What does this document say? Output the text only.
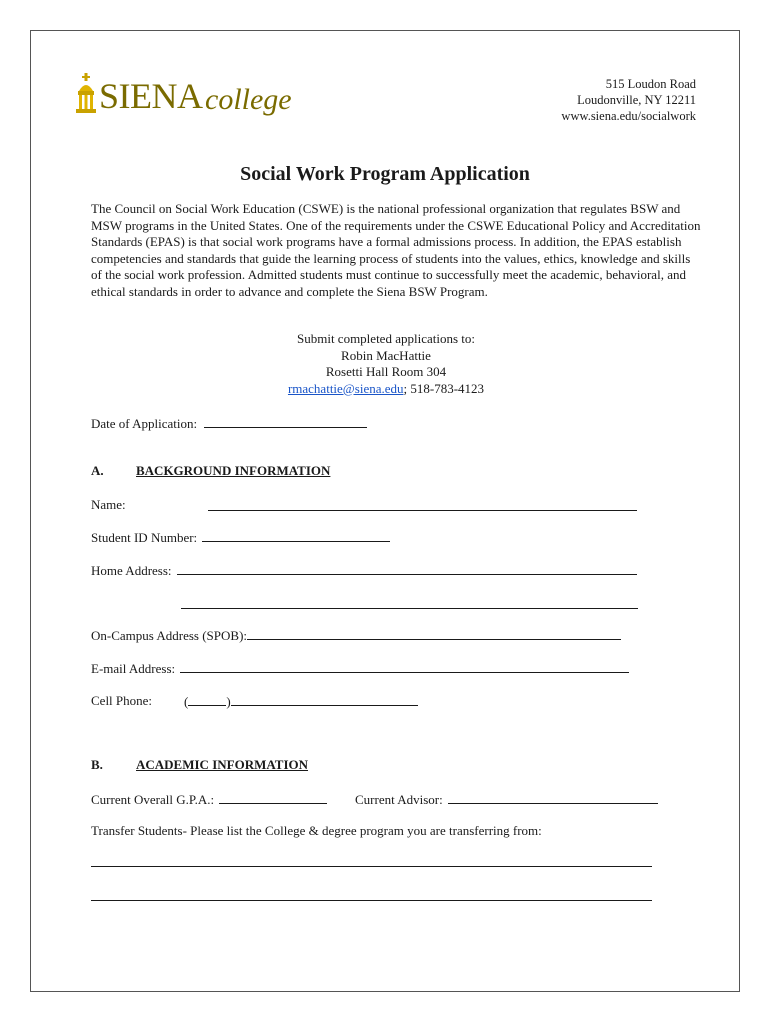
SIENA college	515 Loudon Road
Loudonville, NY 12211
www.siena.edu/socialwork
Social Work Program Application
The Council on Social Work Education (CSWE) is the national professional organization that regulates BSW and MSW programs in the United States. One of the requirements under the CSWE Educational Policy and Accreditation Standards (EPAS) is that social work programs have a formal admissions process. In addition, the EPAS establish competencies and standards that guide the learning process of students into the values, ethics, knowledge and skills of the social work profession. Admitted students must continue to successfully meet the academic, behavioral, and ethical standards in order to advance and complete the Siena BSW Program.
Submit completed applications to:
Robin MacHattie
Rosetti Hall Room 304
rmachattie@siena.edu; 518-783-4123
Date of Application:
A. BACKGROUND INFORMATION
Name:
Student ID Number:
Home Address:
On-Campus Address (SPOB):
E-mail Address:
Cell Phone: (	)
B.	ACADEMIC INFORMATION
Current Overall G.P.A.:	Current Advisor:
Transfer Students- Please list the College & degree program you are transferring from:
